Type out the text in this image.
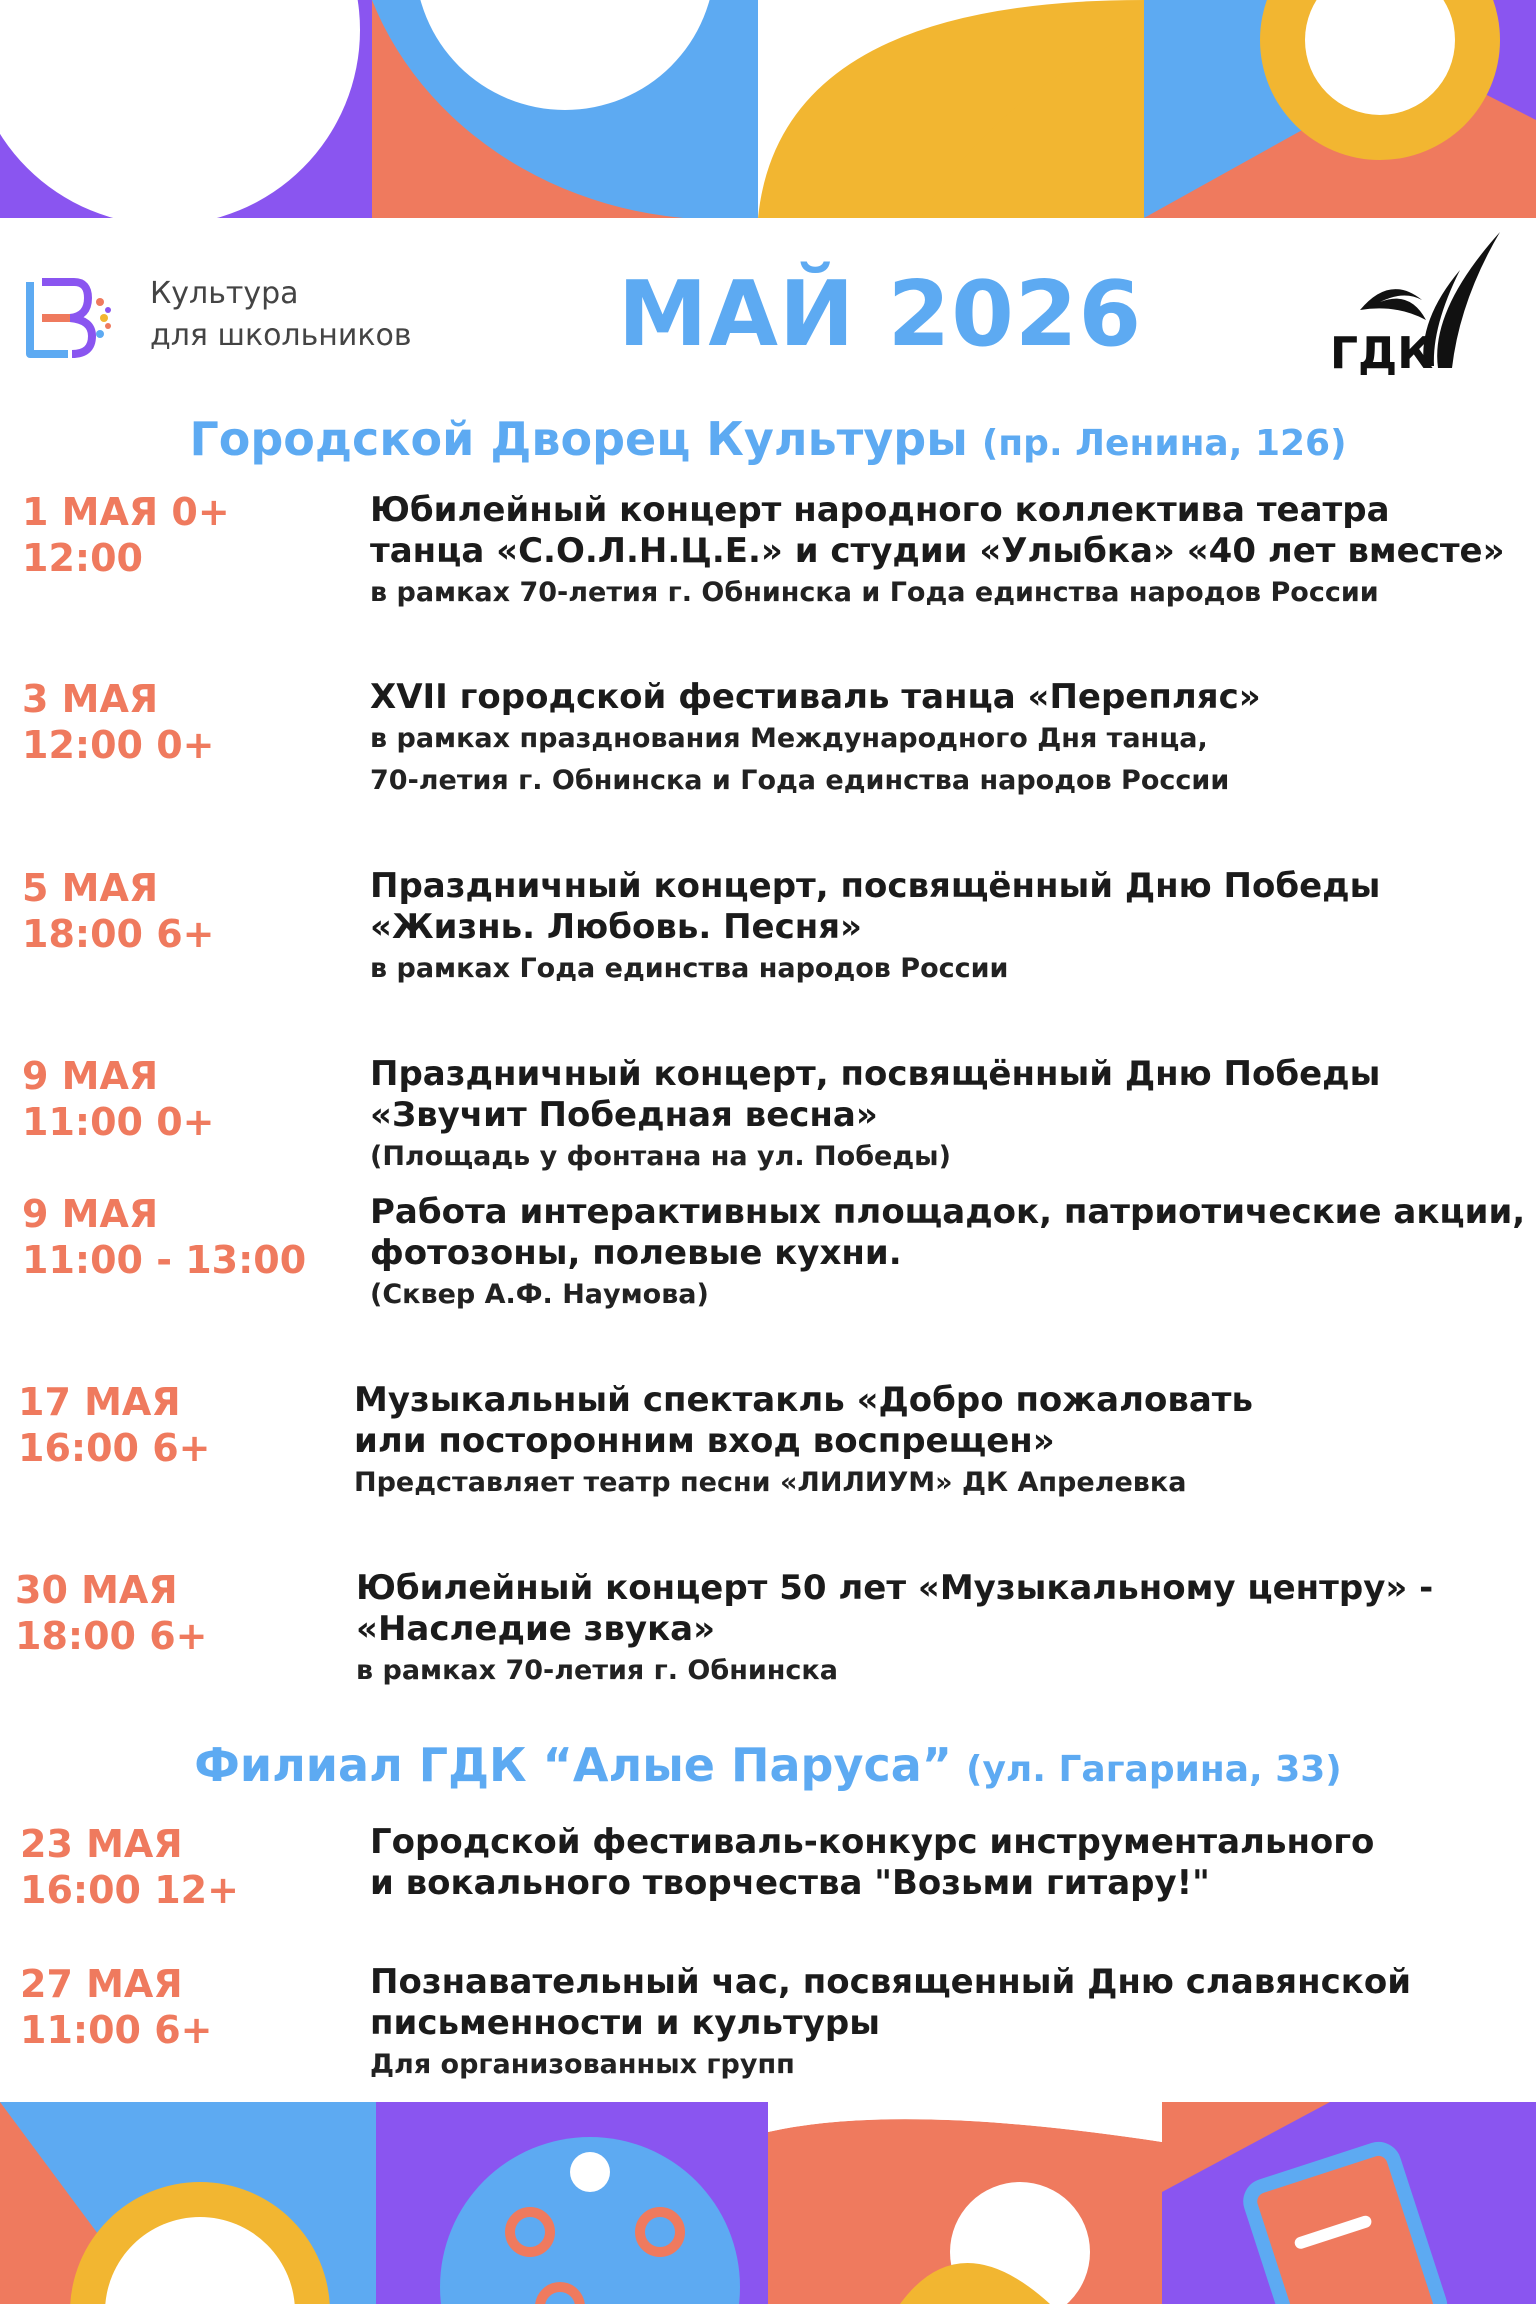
Культура
для школьников	МАЙ 2026	ГДК
Городской Дворец Культуры (пр. Ленина, 126)
1 МАЯ 0+
12:00
Юбилейный концерт народного коллектива театра
танца «С.О.Л.Н.Ц.Е.» и студии «Улыбка» «40 лет вместе»
в рамках 70-летия г. Обнинска и Года единства народов России
3 МАЯ
12:00 0+
XVII городской фестиваль танца «Перепляс»
в рамках празднования Международного Дня танца,
70-летия г. Обнинска и Года единства народов России
5 МАЯ
18:00 6+
Праздничный концерт, посвящённый Дню Победы
«Жизнь. Любовь. Песня»
в рамках Года единства народов России
9 МАЯ
11:00 0+
Праздничный концерт, посвящённый Дню Победы
«Звучит Победная весна»
(Площадь у фонтана на ул. Победы)
9 МАЯ
11:00 - 13:00
Работа интерактивных площадок, патриотические акции,
фотозоны, полевые кухни.
(Сквер А.Ф. Наумова)
17 МАЯ
16:00 6+
Музыкальный спектакль «Добро пожаловать
или посторонним вход воспрещен»
Представляет театр песни «ЛИЛИУМ» ДК Апрелевка
30 МАЯ
18:00 6+
Юбилейный концерт 50 лет «Музыкальному центру» -
«Наследие звука»
в рамках 70-летия г. Обнинска
Филиал ГДК “Алые Паруса” (ул. Гагарина, 33)
23 МАЯ
16:00 12+
Городской фестиваль-конкурс инструментального
и вокального творчества "Возьми гитару!"
27 МАЯ
11:00 6+
Познавательный час, посвященный Дню славянской
письменности и культуры
Для организованных групп
